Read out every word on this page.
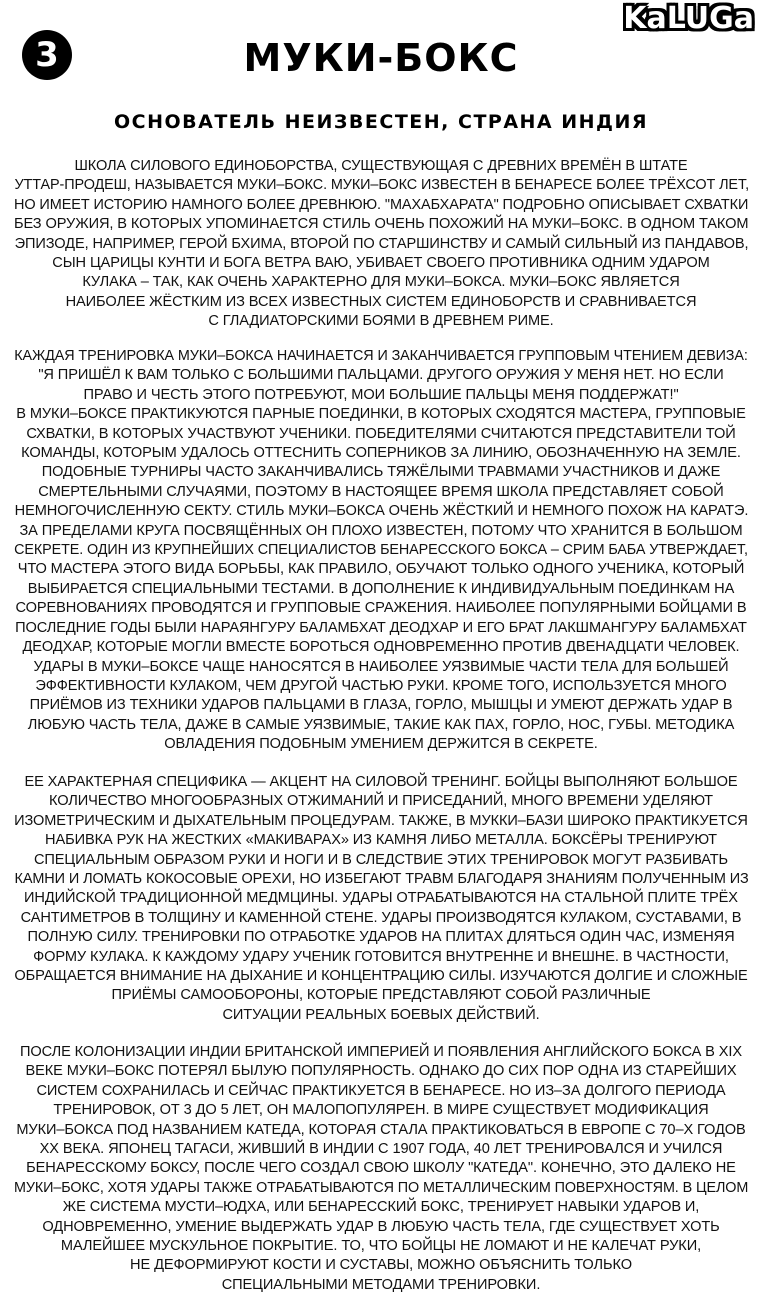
3
KaLUGa
МУКИ-БОКС
ОСНОВАТЕЛЬ НЕИЗВЕСТЕН, СТРАНА ИНДИЯ
ШКОЛА СИЛОВОГО ЕДИНОБОРСТВА, СУЩЕСТВУЮЩАЯ С ДРЕВНИХ ВРЕМЁН В ШТАТЕ
УТТАР-ПРОДЕШ, НАЗЫВАЕТСЯ МУКИ–БОКС. МУКИ–БОКС ИЗВЕСТЕН В БЕНАРЕСЕ БОЛЕЕ ТРЁХСОТ ЛЕТ,
НО ИМЕЕТ ИСТОРИЮ НАМНОГО БОЛЕЕ ДРЕВНЮЮ. "МАХАБХАРАТА" ПОДРОБНО ОПИСЫВАЕТ СХВАТКИ
БЕЗ ОРУЖИЯ, В КОТОРЫХ УПОМИНАЕТСЯ СТИЛЬ ОЧЕНЬ ПОХОЖИЙ НА МУКИ–БОКС. В ОДНОМ ТАКОМ
ЭПИЗОДЕ, НАПРИМЕР, ГЕРОЙ БХИМА, ВТОРОЙ ПО СТАРШИНСТВУ И САМЫЙ СИЛЬНЫЙ ИЗ ПАНДАВОВ,
СЫН ЦАРИЦЫ КУНТИ И БОГА ВЕТРА ВАЮ, УБИВАЕТ СВОЕГО ПРОТИВНИКА ОДНИМ УДАРОМ
КУЛАКА – ТАК, КАК ОЧЕНЬ ХАРАКТЕРНО ДЛЯ МУКИ–БОКСА. МУКИ–БОКС ЯВЛЯЕТСЯ
НАИБОЛЕЕ ЖЁСТКИМ ИЗ ВСЕХ ИЗВЕСТНЫХ СИСТЕМ ЕДИНОБОРСТВ И СРАВНИВАЕТСЯ
С ГЛАДИАТОРСКИМИ БОЯМИ В ДРЕВНЕМ РИМЕ.
КАЖДАЯ ТРЕНИРОВКА МУКИ–БОКСА НАЧИНАЕТСЯ И ЗАКАНЧИВАЕТСЯ ГРУППОВЫМ ЧТЕНИЕМ ДЕВИЗА:
"Я ПРИШЁЛ К ВАМ ТОЛЬКО С БОЛЬШИМИ ПАЛЬЦАМИ. ДРУГОГО ОРУЖИЯ У МЕНЯ НЕТ. НО ЕСЛИ
ПРАВО И ЧЕСТЬ ЭТОГО ПОТРЕБУЮТ, МОИ БОЛЬШИЕ ПАЛЬЦЫ МЕНЯ ПОДДЕРЖАТ!"
В МУКИ–БОКСЕ ПРАКТИКУЮТСЯ ПАРНЫЕ ПОЕДИНКИ, В КОТОРЫХ СХОДЯТСЯ МАСТЕРА, ГРУППОВЫЕ
СХВАТКИ, В КОТОРЫХ УЧАСТВУЮТ УЧЕНИКИ. ПОБЕДИТЕЛЯМИ СЧИТАЮТСЯ ПРЕДСТАВИТЕЛИ ТОЙ
КОМАНДЫ, КОТОРЫМ УДАЛОСЬ ОТТЕСНИТЬ СОПЕРНИКОВ ЗА ЛИНИЮ, ОБОЗНАЧЕННУЮ НА ЗЕМЛЕ.
ПОДОБНЫЕ ТУРНИРЫ ЧАСТО ЗАКАНЧИВАЛИСЬ ТЯЖЁЛЫМИ ТРАВМАМИ УЧАСТНИКОВ И ДАЖЕ
СМЕРТЕЛЬНЫМИ СЛУЧАЯМИ, ПОЭТОМУ В НАСТОЯЩЕЕ ВРЕМЯ ШКОЛА ПРЕДСТАВЛЯЕТ СОБОЙ
НЕМНОГОЧИСЛЕННУЮ СЕКТУ. СТИЛЬ МУКИ–БОКСА ОЧЕНЬ ЖЁСТКИЙ И НЕМНОГО ПОХОЖ НА КАРАТЭ.
ЗА ПРЕДЕЛАМИ КРУГА ПОСВЯЩЁННЫХ ОН ПЛОХО ИЗВЕСТЕН, ПОТОМУ ЧТО ХРАНИТСЯ В БОЛЬШОМ
СЕКРЕТЕ. ОДИН ИЗ КРУПНЕЙШИХ СПЕЦИАЛИСТОВ БЕНАРЕССКОГО БОКСА – СРИМ БАБА УТВЕРЖДАЕТ,
ЧТО МАСТЕРА ЭТОГО ВИДА БОРЬБЫ, КАК ПРАВИЛО, ОБУЧАЮТ ТОЛЬКО ОДНОГО УЧЕНИКА, КОТОРЫЙ
ВЫБИРАЕТСЯ СПЕЦИАЛЬНЫМИ ТЕСТАМИ. В ДОПОЛНЕНИЕ К ИНДИВИДУАЛЬНЫМ ПОЕДИНКАМ НА
СОРЕВНОВАНИЯХ ПРОВОДЯТСЯ И ГРУППОВЫЕ СРАЖЕНИЯ. НАИБОЛЕЕ ПОПУЛЯРНЫМИ БОЙЦАМИ В
ПОСЛЕДНИЕ ГОДЫ БЫЛИ НАРАЯНГУРУ БАЛАМБХАТ ДЕОДХАР И ЕГО БРАТ ЛАКШМАНГУРУ БАЛАМБХАТ
ДЕОДХАР, КОТОРЫЕ МОГЛИ ВМЕСТЕ БОРОТЬСЯ ОДНОВРЕМЕННО ПРОТИВ ДВЕНАДЦАТИ ЧЕЛОВЕК.
УДАРЫ В МУКИ–БОКСЕ ЧАЩЕ НАНОСЯТСЯ В НАИБОЛЕЕ УЯЗВИМЫЕ ЧАСТИ ТЕЛА ДЛЯ БОЛЬШЕЙ
ЭФФЕКТИВНОСТИ КУЛАКОМ, ЧЕМ ДРУГОЙ ЧАСТЬЮ РУКИ. КРОМЕ ТОГО, ИСПОЛЬЗУЕТСЯ МНОГО
ПРИЁМОВ ИЗ ТЕХНИКИ УДАРОВ ПАЛЬЦАМИ В ГЛАЗА, ГОРЛО, МЫШЦЫ И УМЕЮТ ДЕРЖАТЬ УДАР В
ЛЮБУЮ ЧАСТЬ ТЕЛА, ДАЖЕ В САМЫЕ УЯЗВИМЫЕ, ТАКИЕ КАК ПАХ, ГОРЛО, НОС, ГУБЫ. МЕТОДИКА
ОВЛАДЕНИЯ ПОДОБНЫМ УМЕНИЕМ ДЕРЖИТСЯ В СЕКРЕТЕ.
ЕЕ ХАРАКТЕРНАЯ СПЕЦИФИКА — АКЦЕНТ НА СИЛОВОЙ ТРЕНИНГ. БОЙЦЫ ВЫПОЛНЯЮТ БОЛЬШОЕ
КОЛИЧЕСТВО МНОГООБРАЗНЫХ ОТЖИМАНИЙ И ПРИСЕДАНИЙ, МНОГО ВРЕМЕНИ УДЕЛЯЮТ
ИЗОМЕТРИЧЕСКИМ И ДЫХАТЕЛЬНЫМ ПРОЦЕДУРАМ. ТАКЖЕ, В МУККИ–БАЗИ ШИРОКО ПРАКТИКУЕТСЯ
НАБИВКА РУК НА ЖЕСТКИХ «МАКИВАРАХ» ИЗ КАМНЯ ЛИБО МЕТАЛЛА. БОКСЁРЫ ТРЕНИРУЮТ
СПЕЦИАЛЬНЫМ ОБРАЗОМ РУКИ И НОГИ И В СЛЕДСТВИЕ ЭТИХ ТРЕНИРОВОК МОГУТ РАЗБИВАТЬ
КАМНИ И ЛОМАТЬ КОКОСОВЫЕ ОРЕХИ, НО ИЗБЕГАЮТ ТРАВМ БЛАГОДАРЯ ЗНАНИЯМ ПОЛУЧЕННЫМ ИЗ
ИНДИЙСКОЙ ТРАДИЦИОННОЙ МЕДМЦИНЫ. УДАРЫ ОТРАБАТЫВАЮТСЯ НА СТАЛЬНОЙ ПЛИТЕ ТРЁХ
САНТИМЕТРОВ В ТОЛЩИНУ И КАМЕННОЙ СТЕНЕ. УДАРЫ ПРОИЗВОДЯТСЯ КУЛАКОМ, СУСТАВАМИ, В
ПОЛНУЮ СИЛУ. ТРЕНИРОВКИ ПО ОТРАБОТКЕ УДАРОВ НА ПЛИТАХ ДЛЯТЬСЯ ОДИН ЧАС, ИЗМЕНЯЯ
ФОРМУ КУЛАКА. К КАЖДОМУ УДАРУ УЧЕНИК ГОТОВИТСЯ ВНУТРЕННЕ И ВНЕШНЕ. В ЧАСТНОСТИ,
ОБРАЩАЕТСЯ ВНИМАНИЕ НА ДЫХАНИЕ И КОНЦЕНТРАЦИЮ СИЛЫ. ИЗУЧАЮТСЯ ДОЛГИЕ И СЛОЖНЫЕ
ПРИЁМЫ САМООБОРОНЫ, КОТОРЫЕ ПРЕДСТАВЛЯЮТ СОБОЙ РАЗЛИЧНЫЕ
СИТУАЦИИ РЕАЛЬНЫХ БОЕВЫХ ДЕЙСТВИЙ.
ПОСЛЕ КОЛОНИЗАЦИИ ИНДИИ БРИТАНСКОЙ ИМПЕРИЕЙ И ПОЯВЛЕНИЯ АНГЛИЙСКОГО БОКСА В XIX
ВЕКЕ МУКИ–БОКС ПОТЕРЯЛ БЫЛУЮ ПОПУЛЯРНОСТЬ. ОДНАКО ДО СИХ ПОР ОДНА ИЗ СТАРЕЙШИХ
СИСТЕМ СОХРАНИЛАСЬ И СЕЙЧАС ПРАКТИКУЕТСЯ В БЕНАРЕСЕ. НО ИЗ–ЗА ДОЛГОГО ПЕРИОДА
ТРЕНИРОВОК, ОТ 3 ДО 5 ЛЕТ, ОН МАЛОПОПУЛЯРЕН. В МИРЕ СУЩЕСТВУЕТ МОДИФИКАЦИЯ
МУКИ–БОКСА ПОД НАЗВАНИЕМ КАТЕДА, КОТОРАЯ СТАЛА ПРАКТИКОВАТЬСЯ В ЕВРОПЕ С 70–Х ГОДОВ
XX ВЕКА. ЯПОНЕЦ ТАГАСИ, ЖИВШИЙ В ИНДИИ С 1907 ГОДА, 40 ЛЕТ ТРЕНИРОВАЛСЯ И УЧИЛСЯ
БЕНАРЕССКОМУ БОКСУ, ПОСЛЕ ЧЕГО СОЗДАЛ СВОЮ ШКОЛУ "КАТЕДА". КОНЕЧНО, ЭТО ДАЛЕКО НЕ
МУКИ–БОКС, ХОТЯ УДАРЫ ТАКЖЕ ОТРАБАТЫВАЮТСЯ ПО МЕТАЛЛИЧЕСКИМ ПОВЕРХНОСТЯМ. В ЦЕЛОМ
ЖЕ СИСТЕМА МУСТИ–ЮДХА, ИЛИ БЕНАРЕССКИЙ БОКС, ТРЕНИРУЕТ НАВЫКИ УДАРОВ И,
ОДНОВРЕМЕННО, УМЕНИЕ ВЫДЕРЖАТЬ УДАР В ЛЮБУЮ ЧАСТЬ ТЕЛА, ГДЕ СУЩЕСТВУЕТ ХОТЬ
МАЛЕЙШЕЕ МУСКУЛЬНОЕ ПОКРЫТИЕ. ТО, ЧТО БОЙЦЫ НЕ ЛОМАЮТ И НЕ КАЛЕЧАТ РУКИ,
НЕ ДЕФОРМИРУЮТ КОСТИ И СУСТАВЫ, МОЖНО ОБЪЯСНИТЬ ТОЛЬКО
СПЕЦИАЛЬНЫМИ МЕТОДАМИ ТРЕНИРОВКИ.
